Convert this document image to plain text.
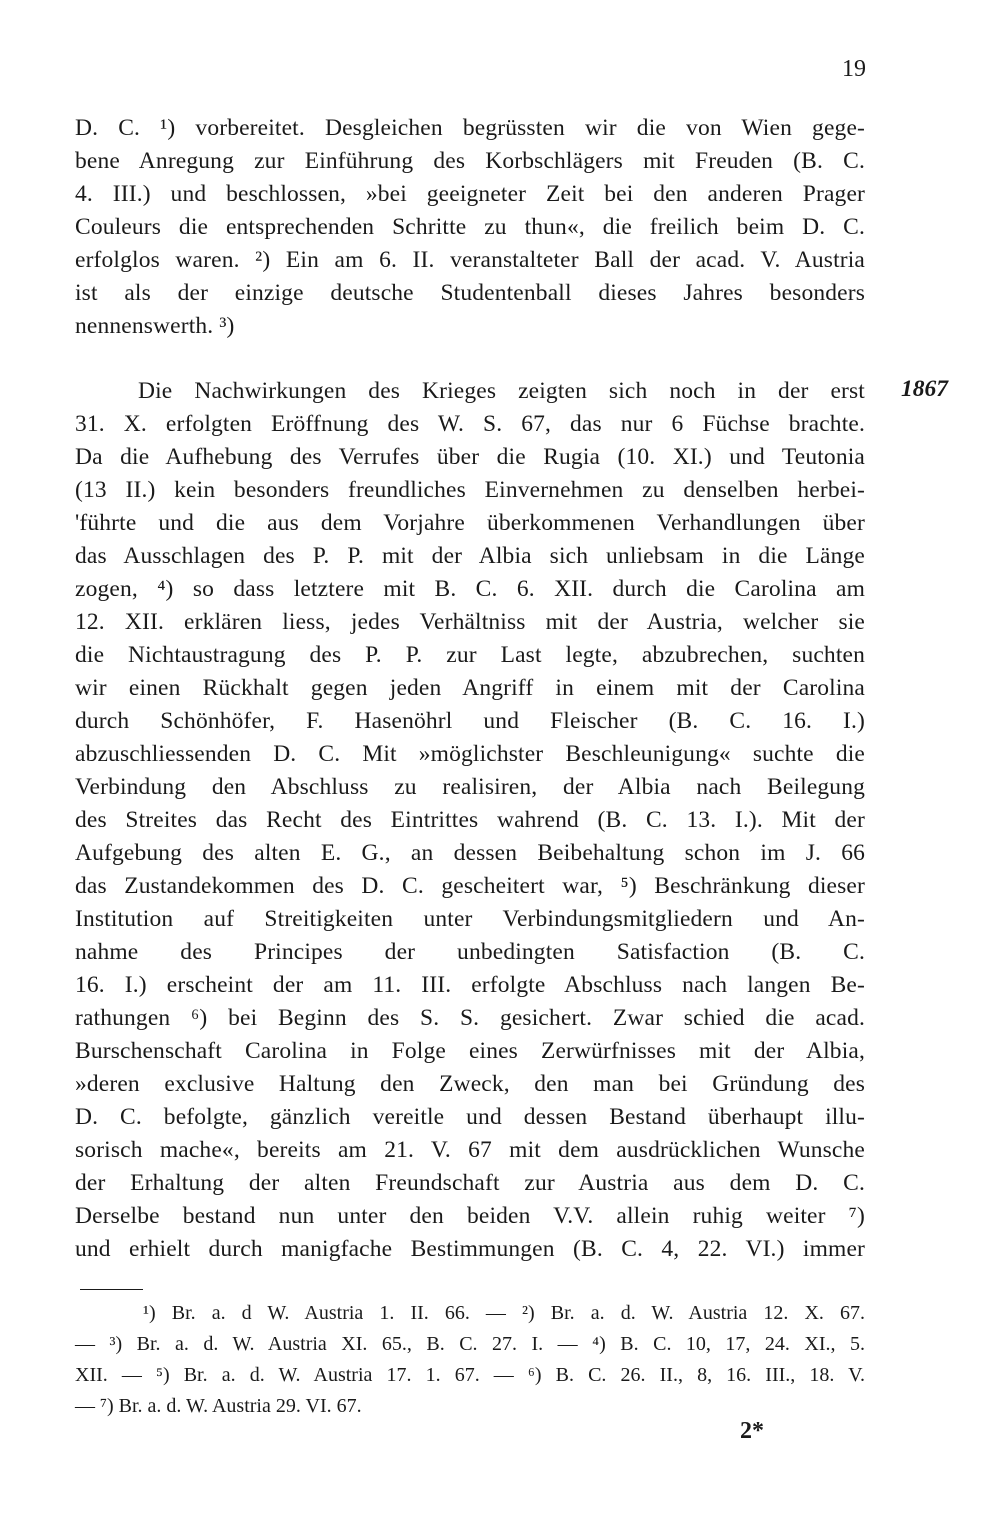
19

D. C. ¹) vorbereitet. Desgleichen begrüssten wir die von Wien gege-
bene Anregung zur Einführung des Korbschlägers mit Freuden (B. C.
4. III.) und beschlossen, »bei geeigneter Zeit bei den anderen Prager
Couleurs die entsprechenden Schritte zu thun«, die freilich beim D. C.
erfolglos waren. ²) Ein am 6. II. veranstalteter Ball der acad. V. Austria
ist als der einzige deutsche Studentenball dieses Jahres besonders
nennenswerth. ³)

1867

Die Nachwirkungen des Krieges zeigten sich noch in der erst
31. X. erfolgten Eröffnung des W. S. 67, das nur 6 Füchse brachte.
Da die Aufhebung des Verrufes über die Rugia (10. XI.) und Teutonia
(13 II.) kein besonders freundliches Einvernehmen zu denselben herbei-
'führte und die aus dem Vorjahre überkommenen Verhandlungen über
das Ausschlagen des P. P. mit der Albia sich unliebsam in die Länge
zogen, ⁴) so dass letztere mit B. C. 6. XII. durch die Carolina am
12. XII. erklären liess, jedes Verhältniss mit der Austria, welcher sie
die Nichtaustragung des P. P. zur Last legte, abzubrechen, suchten
wir einen Rückhalt gegen jeden Angriff in einem mit der Carolina
durch Schönhöfer, F. Hasenöhrl und Fleischer (B. C. 16. I.)
abzuschliessenden D. C. Mit »möglichster Beschleunigung« suchte die
Verbindung den Abschluss zu realisiren, der Albia nach Beilegung
des Streites das Recht des Eintrittes wahrend (B. C. 13. I.). Mit der
Aufgebung des alten E. G., an dessen Beibehaltung schon im J. 66
das Zustandekommen des D. C. gescheitert war, ⁵) Beschränkung dieser
Institution auf Streitigkeiten unter Verbindungsmitgliedern und An-
nahme des Principes der unbedingten Satisfaction (B. C.
16. I.) erscheint der am 11. III. erfolgte Abschluss nach langen Be-
rathungen ⁶) bei Beginn des S. S. gesichert. Zwar schied die acad.
Burschenschaft Carolina in Folge eines Zerwürfnisses mit der Albia,
»deren exclusive Haltung den Zweck, den man bei Gründung des
D. C. befolgte, gänzlich vereitle und dessen Bestand überhaupt illu-
sorisch mache«, bereits am 21. V. 67 mit dem ausdrücklichen Wunsche
der Erhaltung der alten Freundschaft zur Austria aus dem D. C.
Derselbe bestand nun unter den beiden V.V. allein ruhig weiter ⁷)
und erhielt durch manigfache Bestimmungen (B. C. 4, 22. VI.) immer
¹) Br. a. d W. Austria 1. II. 66. — ²) Br. a. d. W. Austria 12. X. 67.
— ³) Br. a. d. W. Austria XI. 65., B. C. 27. I. — ⁴) B. C. 10, 17, 24. XI., 5.
XII. — ⁵) Br. a. d. W. Austria 17. 1. 67. — ⁶) B. C. 26. II., 8, 16. III., 18. V.
— ⁷) Br. a. d. W. Austria 29. VI. 67.

2*
